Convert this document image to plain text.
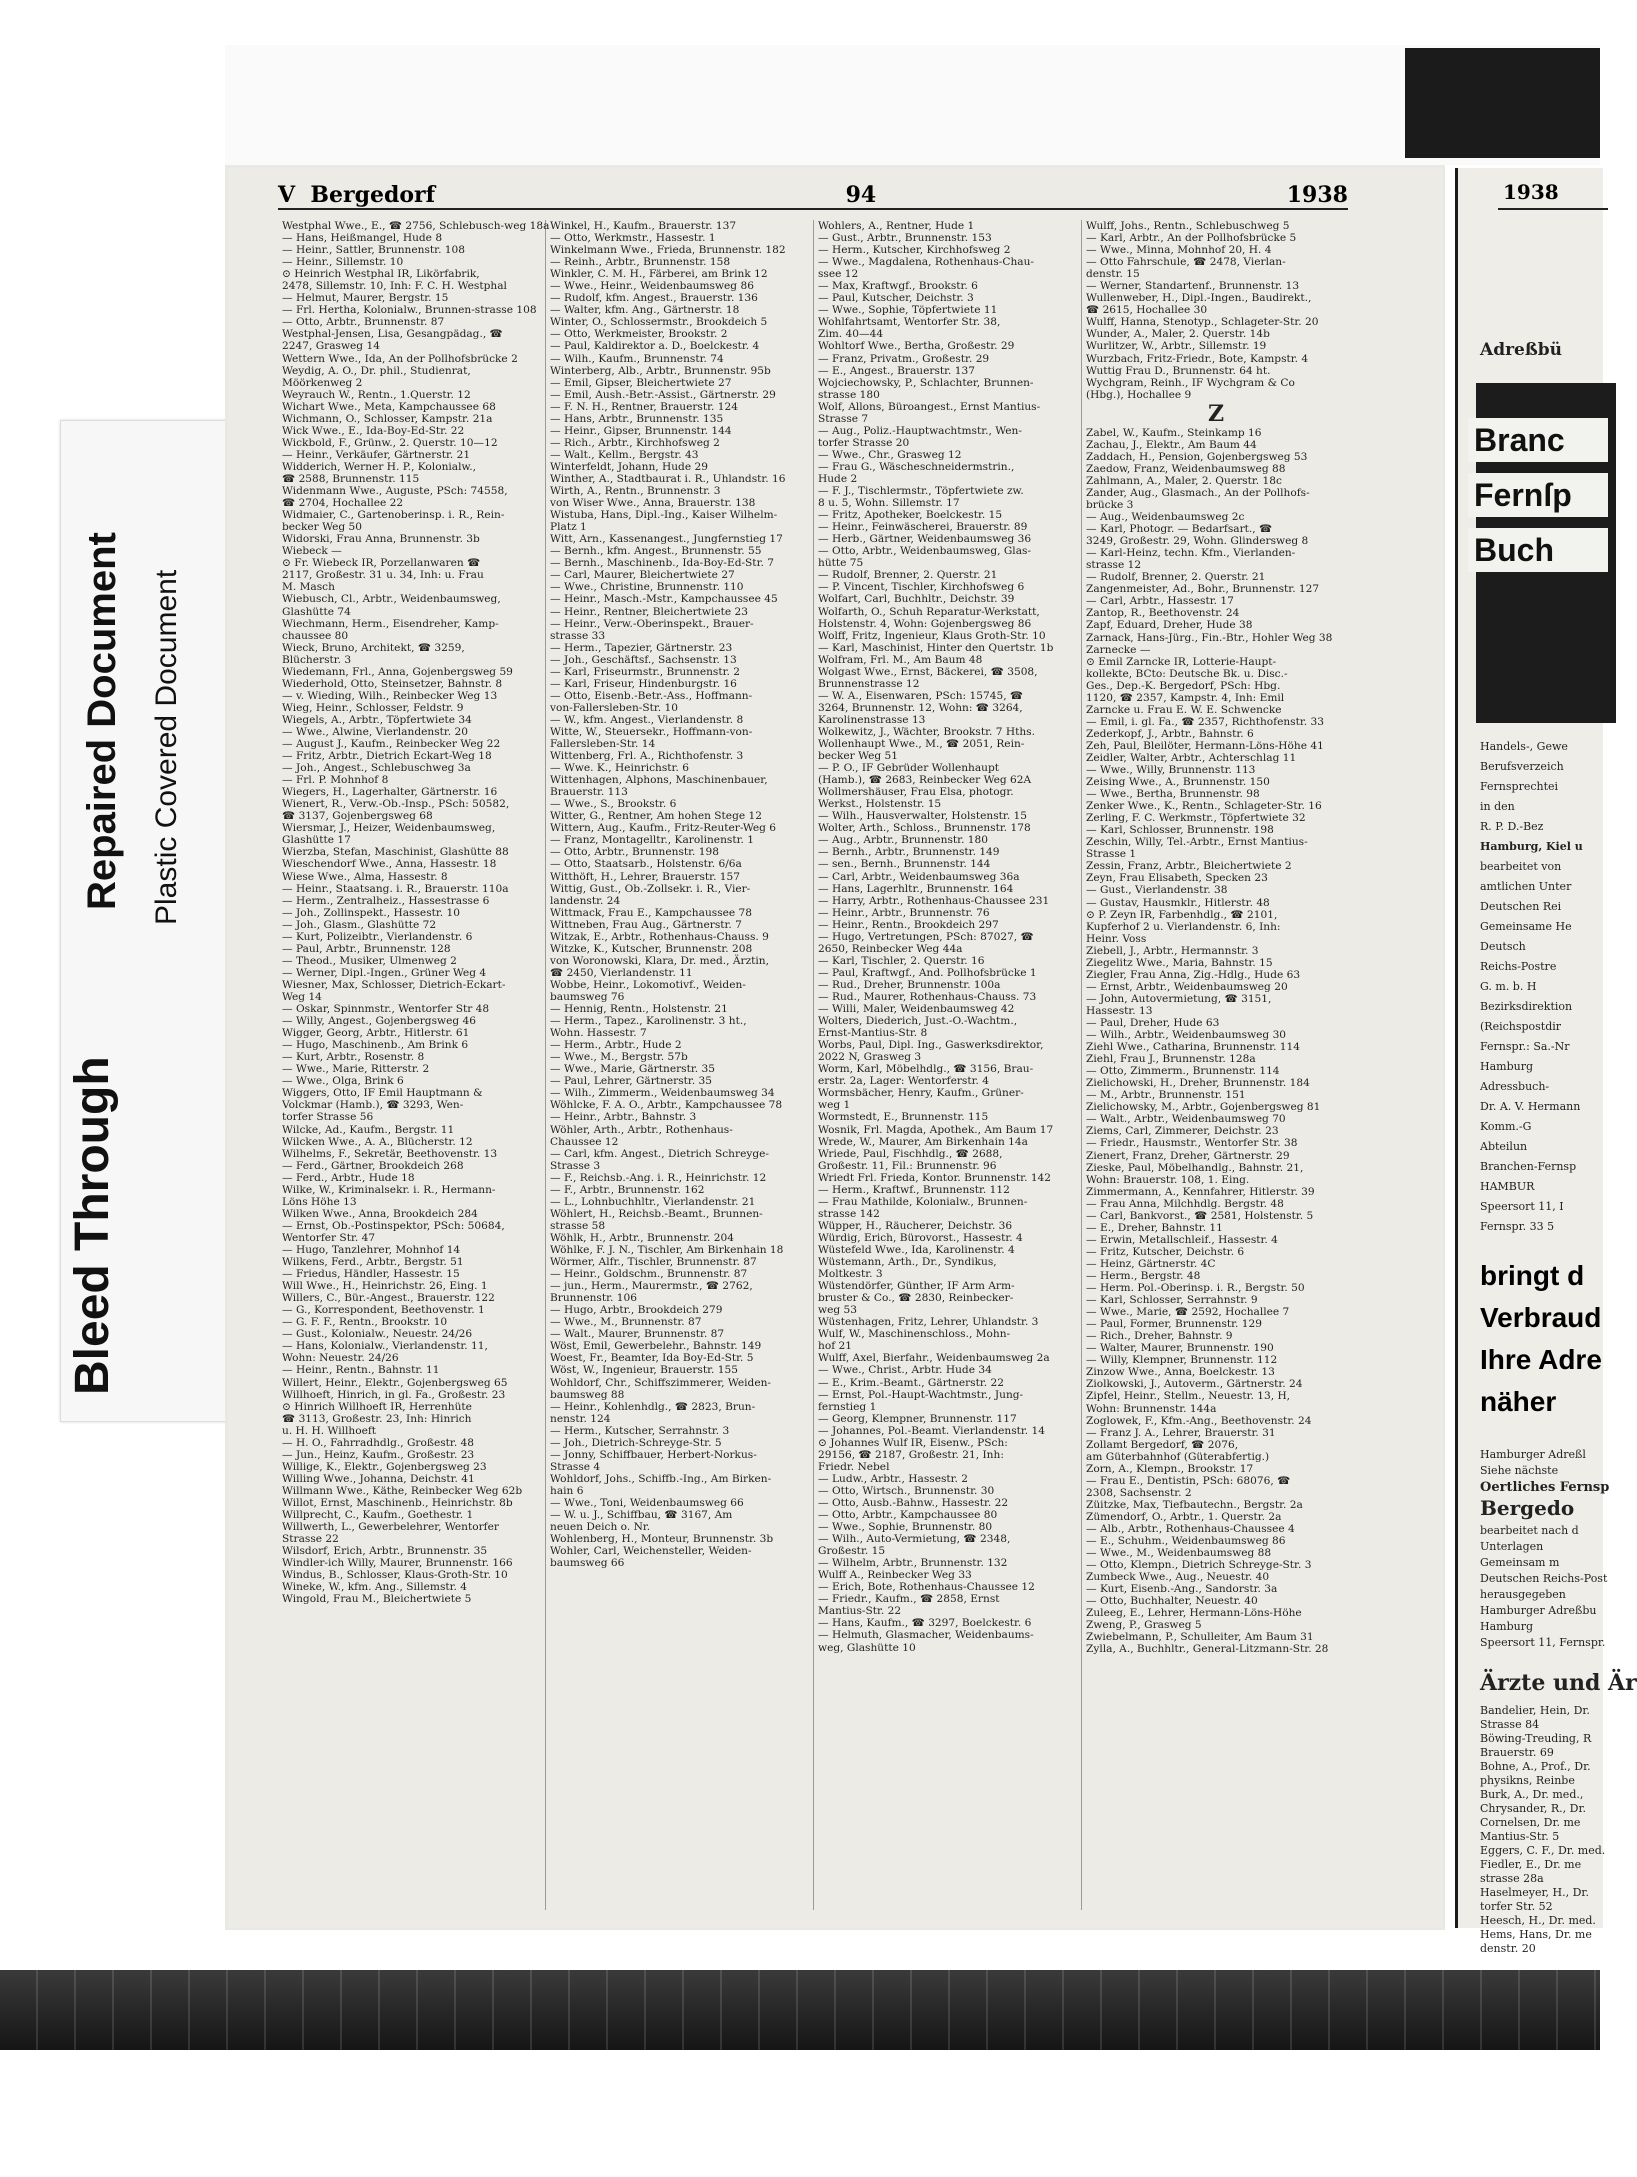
Bleed Through
Repaired Document Plastic Covered Document
V Bergedorf	94	1938
Westphal Wwe., E., ☎ 2756, Schlebusch-weg 18a
— Hans, Heißmangel, Hude 8
— Heinr., Sattler, Brunnenstr. 108
— Heinr., Sillemstr. 10
⊙ Heinrich Westphal IR, Likörfabrik,
2478, Sillemstr. 10, Inh: F. C. H. Westphal
— Helmut, Maurer, Bergstr. 15
— Frl. Hertha, Kolonialw., Brunnen-strasse 108
— Otto, Arbtr., Brunnenstr. 87
Westphal-Jensen, Lisa, Gesangpädag., ☎
2247, Grasweg 14
Wettern Wwe., Ida, An der Pollhofsbrücke 2
Weydig, A. O., Dr. phil., Studienrat,
Möörkenweg 2
Weyrauch W., Rentn., 1.Querstr. 12
Wichart Wwe., Meta, Kampchaussee 68
Wichmann, O., Schlosser, Kampstr. 21a
Wick Wwe., E., Ida-Boy-Ed-Str. 22
Wickbold, F., Grünw., 2. Querstr. 10—12
— Heinr., Verkäufer, Gärtnerstr. 21
Widderich, Werner H. P., Kolonialw.,
☎ 2588, Brunnenstr. 115
Widenmann Wwe., Auguste, PSch: 74558,
☎ 2704, Hochallee 22
Widmaier, C., Gartenoberinsp. i. R., Rein-
becker Weg 50
Widorski, Frau Anna, Brunnenstr. 3b
Wiebeck —
⊙ Fr. Wiebeck IR, Porzellanwaren ☎
2117, Großestr. 31 u. 34, Inh: u. Frau
M. Masch
Wiebusch, Cl., Arbtr., Weidenbaumsweg,
Glashütte 74
Wiechmann, Herm., Eisendreher, Kamp-
chaussee 80
Wieck, Bruno, Architekt, ☎ 3259,
Blücherstr. 3
Wiedemann, Frl., Anna, Gojenbergsweg 59
Wiederhold, Otto, Steinsetzer, Bahnstr. 8
— v. Wieding, Wilh., Reinbecker Weg 13
Wieg, Heinr., Schlosser, Feldstr. 9
Wiegels, A., Arbtr., Töpfertwiete 34
— Wwe., Alwine, Vierlandenstr. 20
— August J., Kaufm., Reinbecker Weg 22
— Fritz, Arbtr., Dietrich Eckart-Weg 18
— Joh., Angest., Schlebuschweg 3a
— Frl. P. Mohnhof 8
Wiegers, H., Lagerhalter, Gärtnerstr. 16
Wienert, R., Verw.-Ob.-Insp., PSch: 50582,
☎ 3137, Gojenbergsweg 68
Wiersmar, J., Heizer, Weidenbaumsweg,
Glashütte 17
Wierzba, Stefan, Maschinist, Glashütte 88
Wieschendorf Wwe., Anna, Hassestr. 18
Wiese Wwe., Alma, Hassestr. 8
— Heinr., Staatsang. i. R., Brauerstr. 110a
— Herm., Zentralheiz., Hassestrasse 6
— Joh., Zollinspekt., Hassestr. 10
— Joh., Glasm., Glashütte 72
— Kurt, Polizeibtr., Vierlandenstr. 6
— Paul, Arbtr., Brunnenstr. 128
— Theod., Musiker, Ulmenweg 2
— Werner, Dipl.-Ingen., Grüner Weg 4
Wiesner, Max, Schlosser, Dietrich-Eckart-
Weg 14
— Oskar, Spinnmstr., Wentorfer Str 48
— Willy, Angest., Gojenbergsweg 46
Wigger, Georg, Arbtr., Hitlerstr. 61
— Hugo, Maschinenb., Am Brink 6
— Kurt, Arbtr., Rosenstr. 8
— Wwe., Marie, Ritterstr. 2
— Wwe., Olga, Brink 6
Wiggers, Otto, IF Emil Hauptmann &
Volckmar (Hamb.), ☎ 3293, Wen-
torfer Strasse 56
Wilcke, Ad., Kaufm., Bergstr. 11
Wilcken Wwe., A. A., Blücherstr. 12
Wilhelms, F., Sekretär, Beethovenstr. 13
— Ferd., Gärtner, Brookdeich 268
— Ferd., Arbtr., Hude 18
Wilke, W., Kriminalsekr. i. R., Hermann-
Löns Höhe 13
Wilken Wwe., Anna, Brookdeich 284
— Ernst, Ob.-Postinspektor, PSch: 50684,
Wentorfer Str. 47
— Hugo, Tanzlehrer, Mohnhof 14
Wilkens, Ferd., Arbtr., Bergstr. 51
— Friedus, Händler, Hassestr. 15
Will Wwe., H., Heinrichstr. 26, Eing. 1
Willers, C., Bür.-Angest., Brauerstr. 122
— G., Korrespondent, Beethovenstr. 1
— G. F. F., Rentn., Brookstr. 10
— Gust., Kolonialw., Neuestr. 24/26
— Hans, Kolonialw., Vierlandenstr. 11,
Wohn: Neuestr. 24/26
— Heinr., Rentn., Bahnstr. 11
Willert, Heinr., Elektr., Gojenbergsweg 65
Willhoeft, Hinrich, in gl. Fa., Großestr. 23
⊙ Hinrich Willhoeft IR, Herrenhüte
☎ 3113, Großestr. 23, Inh: Hinrich
u. H. H. Willhoeft
— H. O., Fahrradhdlg., Großestr. 48
— Jun., Heinz, Kaufm., Großestr. 23
Willige, K., Elektr., Gojenbergsweg 23
Willing Wwe., Johanna, Deichstr. 41
Willmann Wwe., Käthe, Reinbecker Weg 62b
Willot, Ernst, Maschinenb., Heinrichstr. 8b
Willprecht, C., Kaufm., Goethestr. 1
Willwerth, L., Gewerbelehrer, Wentorfer
Strasse 22
Wilsdorf, Erich, Arbtr., Brunnenstr. 35
Windler-ich Willy, Maurer, Brunnenstr. 166
Windus, B., Schlosser, Klaus-Groth-Str. 10
Wineke, W., kfm. Ang., Sillemstr. 4
Wingold, Frau M., Bleichertwiete 5
Winkel, H., Kaufm., Brauerstr. 137
— Otto, Werkmstr., Hassestr. 1
Winkelmann Wwe., Frieda, Brunnenstr. 182
— Reinh., Arbtr., Brunnenstr. 158
Winkler, C. M. H., Färberei, am Brink 12
— Wwe., Heinr., Weidenbaumsweg 86
— Rudolf, kfm. Angest., Brauerstr. 136
— Walter, kfm. Ang., Gärtnerstr. 18
Winter, O., Schlossermstr., Brookdeich 5
— Otto, Werkmeister, Brookstr. 2
— Paul, Kaldirektor a. D., Boelckestr. 4
— Wilh., Kaufm., Brunnenstr. 74
Winterberg, Alb., Arbtr., Brunnenstr. 95b
— Emil, Gipser, Bleichertwiete 27
— Emil, Aush.-Betr.-Assist., Gärtnerstr. 29
— F. N. H., Rentner, Brauerstr. 124
— Hans, Arbtr., Brunnenstr. 135
— Heinr., Gipser, Brunnenstr. 144
— Rich., Arbtr., Kirchhofsweg 2
— Walt., Kellm., Bergstr. 43
Winterfeldt, Johann, Hude 29
Winther, A., Stadtbaurat i. R., Uhlandstr. 16
Wirth, A., Rentn., Brunnenstr. 3
von Wiser Wwe., Anna, Brauerstr. 138
Wistuba, Hans, Dipl.-Ing., Kaiser Wilhelm-
Platz 1
Witt, Arn., Kassenangest., Jungfernstieg 17
— Bernh., kfm. Angest., Brunnenstr. 55
— Bernh., Maschinenb., Ida-Boy-Ed-Str. 7
— Carl, Maurer, Bleichertwiete 27
— Wwe., Christine, Brunnenstr. 110
— Heinr., Masch.-Mstr., Kampchaussee 45
— Heinr., Rentner, Bleichertwiete 23
— Heinr., Verw.-Oberinspekt., Brauer-
strasse 33
— Herm., Tapezier, Gärtnerstr. 23
— Joh., Geschäftsf., Sachsenstr. 13
— Karl, Friseurmstr., Brunnenstr. 2
— Karl, Friseur, Hindenburgstr. 16
— Otto, Eisenb.-Betr.-Ass., Hoffmann-
von-Fallersleben-Str. 10
— W., kfm. Angest., Vierlandenstr. 8
Witte, W., Steuersekr., Hoffmann-von-
Fallersleben-Str. 14
Wittenberg, Frl. A., Richthofenstr. 3
— Wwe. K., Heinrichstr. 6
Wittenhagen, Alphons, Maschinenbauer,
Brauerstr. 113
— Wwe., S., Brookstr. 6
Witter, G., Rentner, Am hohen Stege 12
Wittern, Aug., Kaufm., Fritz-Reuter-Weg 6
— Franz, Montagelltr., Karolinenstr. 1
— Otto, Arbtr., Brunnenstr. 198
— Otto, Staatsarb., Holstenstr. 6/6a
Witthöft, H., Lehrer, Brauerstr. 157
Wittig, Gust., Ob.-Zollsekr. i. R., Vier-
landenstr. 24
Wittmack, Frau E., Kampchaussee 78
Wittneben, Frau Aug., Gärtnerstr. 7
Witzak, E., Arbtr., Rothenhaus-Chauss. 9
Witzke, K., Kutscher, Brunnenstr. 208
von Woronowski, Klara, Dr. med., Ärztin,
☎ 2450, Vierlandenstr. 11
Wobbe, Heinr., Lokomotivf., Weiden-
baumsweg 76
— Hennig, Rentn., Holstenstr. 21
— Herm., Tapez., Karolinenstr. 3 ht.,
Wohn. Hassestr. 7
— Herm., Arbtr., Hude 2
— Wwe., M., Bergstr. 57b
— Wwe., Marie, Gärtnerstr. 35
— Paul, Lehrer, Gärtnerstr. 35
— Wilh., Zimmerm., Weidenbaumsweg 34
Wöhlcke, F. A. O., Arbtr., Kampchaussee 78
— Heinr., Arbtr., Bahnstr. 3
Wöhler, Arth., Arbtr., Rothenhaus-
Chaussee 12
— Carl, kfm. Angest., Dietrich Schreyge-
Strasse 3
— F., Reichsb.-Ang. i. R., Heinrichstr. 12
— F., Arbtr., Brunnenstr. 162
— L., Lohnbuchhltr., Vierlandenstr. 21
Wöhlert, H., Reichsb.-Beamt., Brunnen-
strasse 58
Wöhlk, H., Arbtr., Brunnenstr. 204
Wöhlke, F. J. N., Tischler, Am Birkenhain 18
Wörmer, Alfr., Tischler, Brunnenstr. 87
— Heinr., Goldschm., Brunnenstr. 87
— jun., Herm., Maurermstr., ☎ 2762,
Brunnenstr. 106
— Hugo, Arbtr., Brookdeich 279
— Wwe., M., Brunnenstr. 87
— Walt., Maurer, Brunnenstr. 87
Wöst, Emil, Gewerbelehr., Bahnstr. 149
Woest, Fr., Beamter, Ida Boy-Ed-Str. 5
Wöst, W., Ingenieur, Brauerstr. 155
Wohldorf, Chr., Schiffszimmerer, Weiden-
baumsweg 88
— Heinr., Kohlenhdlg., ☎ 2823, Brun-
nenstr. 124
— Herm., Kutscher, Serrahnstr. 3
— Joh., Dietrich-Schreyge-Str. 5
— Jonny, Schiffbauer, Herbert-Norkus-
Strasse 4
Wohldorf, Johs., Schiffb.-Ing., Am Birken-
hain 6
— Wwe., Toni, Weidenbaumsweg 66
— W. u. J., Schiffbau, ☎ 3167, Am
neuen Deich o. Nr.
Wohlenberg, H., Monteur, Brunnenstr. 3b
Wohler, Carl, Weichensteller, Weiden-
baumsweg 66
Wohlers, A., Rentner, Hude 1
— Gust., Arbtr., Brunnenstr. 153
— Herm., Kutscher, Kirchhofsweg 2
— Wwe., Magdalena, Rothenhaus-Chau-
ssee 12
— Max, Kraftwgf., Brookstr. 6
— Paul, Kutscher, Deichstr. 3
— Wwe., Sophie, Töpfertwiete 11
Wohlfahrtsamt, Wentorfer Str. 38,
Zim. 40—44
Wohltorf Wwe., Bertha, Großestr. 29
— Franz, Privatm., Großestr. 29
— E., Angest., Brauerstr. 137
Wojciechowsky, P., Schlachter, Brunnen-
strasse 180
Wolf, Allons, Büroangest., Ernst Mantius-
Strasse 7
— Aug., Poliz.-Hauptwachtmstr., Wen-
torfer Strasse 20
— Wwe., Chr., Grasweg 12
— Frau G., Wäscheschneidermstrin.,
Hude 2
— F. J., Tischlermstr., Töpfertwiete zw.
8 u. 5, Wohn. Sillemstr. 17
— Fritz, Apotheker, Boelckestr. 15
— Heinr., Feinwäscherei, Brauerstr. 89
— Herb., Gärtner, Weidenbaumsweg 36
— Otto, Arbtr., Weidenbaumsweg, Glas-
hütte 75
— Rudolf, Brenner, 2. Querstr. 21
— P. Vincent, Tischler, Kirchhofsweg 6
Wolfart, Carl, Buchhltr., Deichstr. 39
Wolfarth, O., Schuh Reparatur-Werkstatt,
Holstenstr. 4, Wohn: Gojenbergsweg 86
Wolff, Fritz, Ingenieur, Klaus Groth-Str. 10
— Karl, Maschinist, Hinter den Quertstr. 1b
Wolfram, Frl. M., Am Baum 48
Wolgast Wwe., Ernst, Bäckerei, ☎ 3508,
Brunnenstrasse 12
— W. A., Eisenwaren, PSch: 15745, ☎
3264, Brunnenstr. 12, Wohn: ☎ 3264,
Karolinenstrasse 13
Wolkewitz, J., Wächter, Brookstr. 7 Hths.
Wollenhaupt Wwe., M., ☎ 2051, Rein-
becker Weg 51
— P. O., IF Gebrüder Wollenhaupt
(Hamb.), ☎ 2683, Reinbecker Weg 62A
Wollmershäuser, Frau Elsa, photogr.
Werkst., Holstenstr. 15
— Wilh., Hausverwalter, Holstenstr. 15
Wolter, Arth., Schloss., Brunnenstr. 178
— Aug., Arbtr., Brunnenstr. 180
— Bernh., Arbtr., Brunnenstr. 149
— sen., Bernh., Brunnenstr. 144
— Carl, Arbtr., Weidenbaumsweg 36a
— Hans, Lagerhltr., Brunnenstr. 164
— Harry, Arbtr., Rothenhaus-Chaussee 231
— Heinr., Arbtr., Brunnenstr. 76
— Heinr., Rentn., Brookdeich 297
— Hugo, Vertretungen, PSch: 87027, ☎
2650, Reinbecker Weg 44a
— Karl, Tischler, 2. Querstr. 16
— Paul, Kraftwgf., And. Pollhofsbrücke 1
— Rud., Dreher, Brunnenstr. 100a
— Rud., Maurer, Rothenhaus-Chauss. 73
— Willi, Maler, Weidenbaumsweg 42
Wolters, Diederich, Just.-O.-Wachtm.,
Ernst-Mantius-Str. 8
Worbs, Paul, Dipl. Ing., Gaswerksdirektor,
2022 N, Grasweg 3
Worm, Karl, Möbelhdlg., ☎ 3156, Brau-
erstr. 2a, Lager: Wentorferstr. 4
Wormsbächer, Henry, Kaufm., Grüner-
weg 1
Wormstedt, E., Brunnenstr. 115
Wosnik, Frl. Magda, Apothek., Am Baum 17
Wrede, W., Maurer, Am Birkenhain 14a
Wriede, Paul, Fischhdlg., ☎ 2688,
Großestr. 11, Fil.: Brunnenstr. 96
Wriedt Frl. Frieda, Kontor. Brunnenstr. 142
— Herm., Kraftwf., Brunnenstr. 112
— Frau Mathilde, Kolonialw., Brunnen-
strasse 142
Wüpper, H., Räucherer, Deichstr. 36
Würdig, Erich, Bürovorst., Hassestr. 4
Wüstefeld Wwe., Ida, Karolinenstr. 4
Wüstemann, Arth., Dr., Syndikus,
Moltkestr. 3
Wüstendörfer, Günther, IF Arm Arm-
bruster & Co., ☎ 2830, Reinbecker-
weg 53
Wüstenhagen, Fritz, Lehrer, Uhlandstr. 3
Wulf, W., Maschinenschloss., Mohn-
hof 21
Wulff, Axel, Bierfahr., Weidenbaumsweg 2a
— Wwe., Christ., Arbtr. Hude 34
— E., Krim.-Beamt., Gärtnerstr. 22
— Ernst, Pol.-Haupt-Wachtmstr., Jung-
fernstieg 1
— Georg, Klempner, Brunnenstr. 117
— Johannes, Pol.-Beamt. Vierlandenstr. 14
⊙ Johannes Wulf IR, Eisenw., PSch:
29156, ☎ 2187, Großestr. 21, Inh:
Friedr. Nebel
— Ludw., Arbtr., Hassestr. 2
— Otto, Wirtsch., Brunnenstr. 30
— Otto, Ausb.-Bahnw., Hassestr. 22
— Otto, Arbtr., Kampchaussee 80
— Wwe., Sophie, Brunnenstr. 80
— Wilh., Auto-Vermietung, ☎ 2348,
Großestr. 15
— Wilhelm, Arbtr., Brunnenstr. 132
Wulff A., Reinbecker Weg 33
— Erich, Bote, Rothenhaus-Chaussee 12
— Friedr., Kaufm., ☎ 2858, Ernst
Mantius-Str. 22
— Hans, Kaufm., ☎ 3297, Boelckestr. 6
— Helmuth, Glasmacher, Weidenbaums-
weg, Glashütte 10
Wulff, Johs., Rentn., Schlebuschweg 5
— Karl, Arbtr., An der Pollhofsbrücke 5
— Wwe., Minna, Mohnhof 20, H. 4
— Otto Fahrschule, ☎ 2478, Vierlan-
denstr. 15
— Werner, Standartenf., Brunnenstr. 13
Wullenweber, H., Dipl.-Ingen., Baudirekt.,
☎ 2615, Hochallee 30
Wulff, Hanna, Stenotyp., Schlageter-Str. 20
Wunder, A., Maler, 2. Querstr. 14b
Wurlitzer, W., Arbtr., Sillemstr. 19
Wurzbach, Fritz-Friedr., Bote, Kampstr. 4
Wuttig Frau D., Brunnenstr. 64 ht.
Wychgram, Reinh., IF Wychgram & Co
(Hbg.), Hochallee 9
Z
Zabel, W., Kaufm., Steinkamp 16
Zachau, J., Elektr., Am Baum 44
Zaddach, H., Pension, Gojenbergsweg 53
Zaedow, Franz, Weidenbaumsweg 88
Zahlmann, A., Maler, 2. Querstr. 18c
Zander, Aug., Glasmach., An der Pollhofs-
brücke 3
— Aug., Weidenbaumsweg 2c
— Karl, Photogr. — Bedarfsart., ☎
3249, Großestr. 29, Wohn. Glindersweg 8
— Karl-Heinz, techn. Kfm., Vierlanden-
strasse 12
— Rudolf, Brenner, 2. Querstr. 21
Zangenmeister, Ad., Bohr., Brunnenstr. 127
— Carl, Arbtr., Hassestr. 17
Zantop, R., Beethovenstr. 24
Zapf, Eduard, Dreher, Hude 38
Zarnack, Hans-Jürg., Fin.-Btr., Hohler Weg 38
Zarnecke —
⊙ Emil Zarncke IR, Lotterie-Haupt-
kollekte, BCto: Deutsche Bk. u. Disc.-
Ges., Dep.-K. Bergedorf, PSch: Hbg.
1120, ☎ 2357, Kampstr. 4, Inh: Emil
Zarncke u. Frau E. W. E. Schwencke
— Emil, i. gl. Fa., ☎ 2357, Richthofenstr. 33
Zederkopf, J., Arbtr., Bahnstr. 6
Zeh, Paul, Bleilöter, Hermann-Löns-Höhe 41
Zeidler, Walter, Arbtr., Achterschlag 11
— Wwe., Willy, Brunnenstr. 113
Zeising Wwe., A., Brunnenstr. 150
— Wwe., Bertha, Brunnenstr. 98
Zenker Wwe., K., Rentn., Schlageter-Str. 16
Zerling, F. C. Werkmstr., Töpfertwiete 32
— Karl, Schlosser, Brunnenstr. 198
Zeschin, Willy, Tel.-Arbtr., Ernst Mantius-
Strasse 1
Zessin, Franz, Arbtr., Bleichertwiete 2
Zeyn, Frau Elisabeth, Specken 23
— Gust., Vierlandenstr. 38
— Gustav, Hausmklr., Hitlerstr. 48
⊙ P. Zeyn IR, Farbenhdlg., ☎ 2101,
Kupferhof 2 u. Vierlandenstr. 6, Inh:
Heinr. Voss
Ziebell, J., Arbtr., Hermannstr. 3
Ziegelitz Wwe., Maria, Bahnstr. 15
Ziegler, Frau Anna, Zig.-Hdlg., Hude 63
— Ernst, Arbtr., Weidenbaumsweg 20
— John, Autovermietung, ☎ 3151,
Hassestr. 13
— Paul, Dreher, Hude 63
— Wilh., Arbtr., Weidenbaumsweg 30
Ziehl Wwe., Catharina, Brunnenstr. 114
Ziehl, Frau J., Brunnenstr. 128a
— Otto, Zimmerm., Brunnenstr. 114
Zielichowski, H., Dreher, Brunnenstr. 184
— M., Arbtr., Brunnenstr. 151
Zielichowsky, M., Arbtr., Gojenbergsweg 81
— Walt., Arbtr., Weidenbaumsweg 70
Ziems, Carl, Zimmerer, Deichstr. 23
— Friedr., Hausmstr., Wentorfer Str. 38
Zienert, Franz, Dreher, Gärtnerstr. 29
Zieske, Paul, Möbelhandlg., Bahnstr. 21,
Wohn: Brauerstr. 108, 1. Eing.
Zimmermann, A., Kennfahrer, Hitlerstr. 39
— Frau Anna, Milchhdlg. Bergstr. 48
— Carl, Bankvorst., ☎ 2581, Holstenstr. 5
— E., Dreher, Bahnstr. 11
— Erwin, Metallschleif., Hassestr. 4
— Fritz, Kutscher, Deichstr. 6
— Heinz, Gärtnerstr. 4C
— Herm., Bergstr. 48
— Herm. Pol.-Oberinsp. i. R., Bergstr. 50
— Karl, Schlosser, Serrahnstr. 9
— Wwe., Marie, ☎ 2592, Hochallee 7
— Paul, Former, Brunnenstr. 129
— Rich., Dreher, Bahnstr. 9
— Walter, Maurer, Brunnenstr. 190
— Willy, Klempner, Brunnenstr. 112
Zinzow Wwe., Anna, Boelckestr. 13
Ziolkowski, J., Autoverm., Gärtnerstr. 24
Zipfel, Heinr., Stellm., Neuestr. 13, H,
Wohn: Brunnenstr. 144a
Zoglowek, F., Kfm.-Ang., Beethovenstr. 24
— Franz J. A., Lehrer, Brauerstr. 31
Zollamt Bergedorf, ☎ 2076,
am Güterbahnhof (Güterabfertig.)
Zorn, A., Klempn., Brookstr. 17
— Frau E., Dentistin, PSch: 68076, ☎
2308, Sachsenstr. 2
Züitzke, Max, Tiefbautechn., Bergstr. 2a
Zümendorf, O., Arbtr., 1. Querstr. 2a
— Alb., Arbtr., Rothenhaus-Chaussee 4
— E., Schuhm., Weidenbaumsweg 86
— Wwe., M., Weidenbaumsweg 88
— Otto, Klempn., Dietrich Schreyge-Str. 3
Zumbeck Wwe., Aug., Neuestr. 40
— Kurt, Eisenb.-Ang., Sandorstr. 3a
— Otto, Buchhalter, Neuestr. 40
Zuleeg, E., Lehrer, Hermann-Löns-Höhe
Zweng, P., Grasweg 5
Zwiebelmann, P., Schulleiter, Am Baum 31
Zylla, A., Buchhltr., General-Litzmann-Str. 28
1938
Adreßbü
Branc
Fernſp
Buch
Handels-, Gewe
Berufsverzeich
Fernsprechtei
in den
R. P. D.-Bez
Hamburg, Kiel u
bearbeitet von
amtlichen Unter
Deutschen Rei
Gemeinsame He
Deutsch
Reichs-Postre
G. m. b. H
Bezirksdirektion
(Reichspostdir
Fernspr.: Sa.-Nr
Hamburg
Adressbuch-
Dr. A. V. Hermann
Komm.-G
Abteilun
Branchen-Fernsp
HAMBUR
Speersort 11, I
Fernspr. 33 5
bringt d
Verbraud
Ihre Adre
näher
Hamburger Adreßl
Siehe nächste
Oertliches Fernsp
Bergedo
bearbeitet nach d
Unterlagen
Gemeinsam m
Deutschen Reichs-Post
herausgegeben
Hamburger Adreßbu
Hamburg
Speersort 11, Fernspr.
Ärzte und Är
Bandelier, Hein, Dr.
Strasse 84
Böwing-Treuding, R
Brauerstr. 69
Bohne, A., Prof., Dr.
physikns, Reinbe
Burk, A., Dr. med.,
Chrysander, R., Dr.
Cornelsen, Dr. me
Mantius-Str. 5
Eggers, C. F., Dr. med.
Fiedler, E., Dr. me
strasse 28a
Haselmeyer, H., Dr.
torfer Str. 52
Heesch, H., Dr. med.
Hems, Hans, Dr. me
denstr. 20
